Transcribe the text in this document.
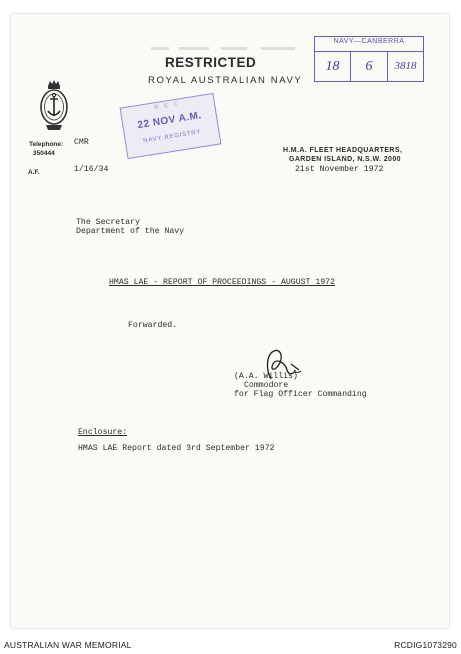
RESTRICTED
ROYAL AUSTRALIAN NAVY
NAVY—CANBERRA
18	6	3818
R E C
22 NOV A.M.
NAVY REGISTRY
Telephone:
350444
CMR
A.F.	1/16/34
H.M.A. FLEET HEADQUARTERS,
GARDEN ISLAND, N.S.W. 2000
21st November 1972
The Secretary
Department of the Navy
HMAS LAE - REPORT OF PROCEEDINGS - AUGUST 1972
Forwarded.
(A.A. Willis)
Commodore
for Flag Officer Commanding
Enclosure:
HMAS LAE Report dated 3rd September 1972
AUSTRALIAN WAR MEMORIAL	RCDIG1073290
